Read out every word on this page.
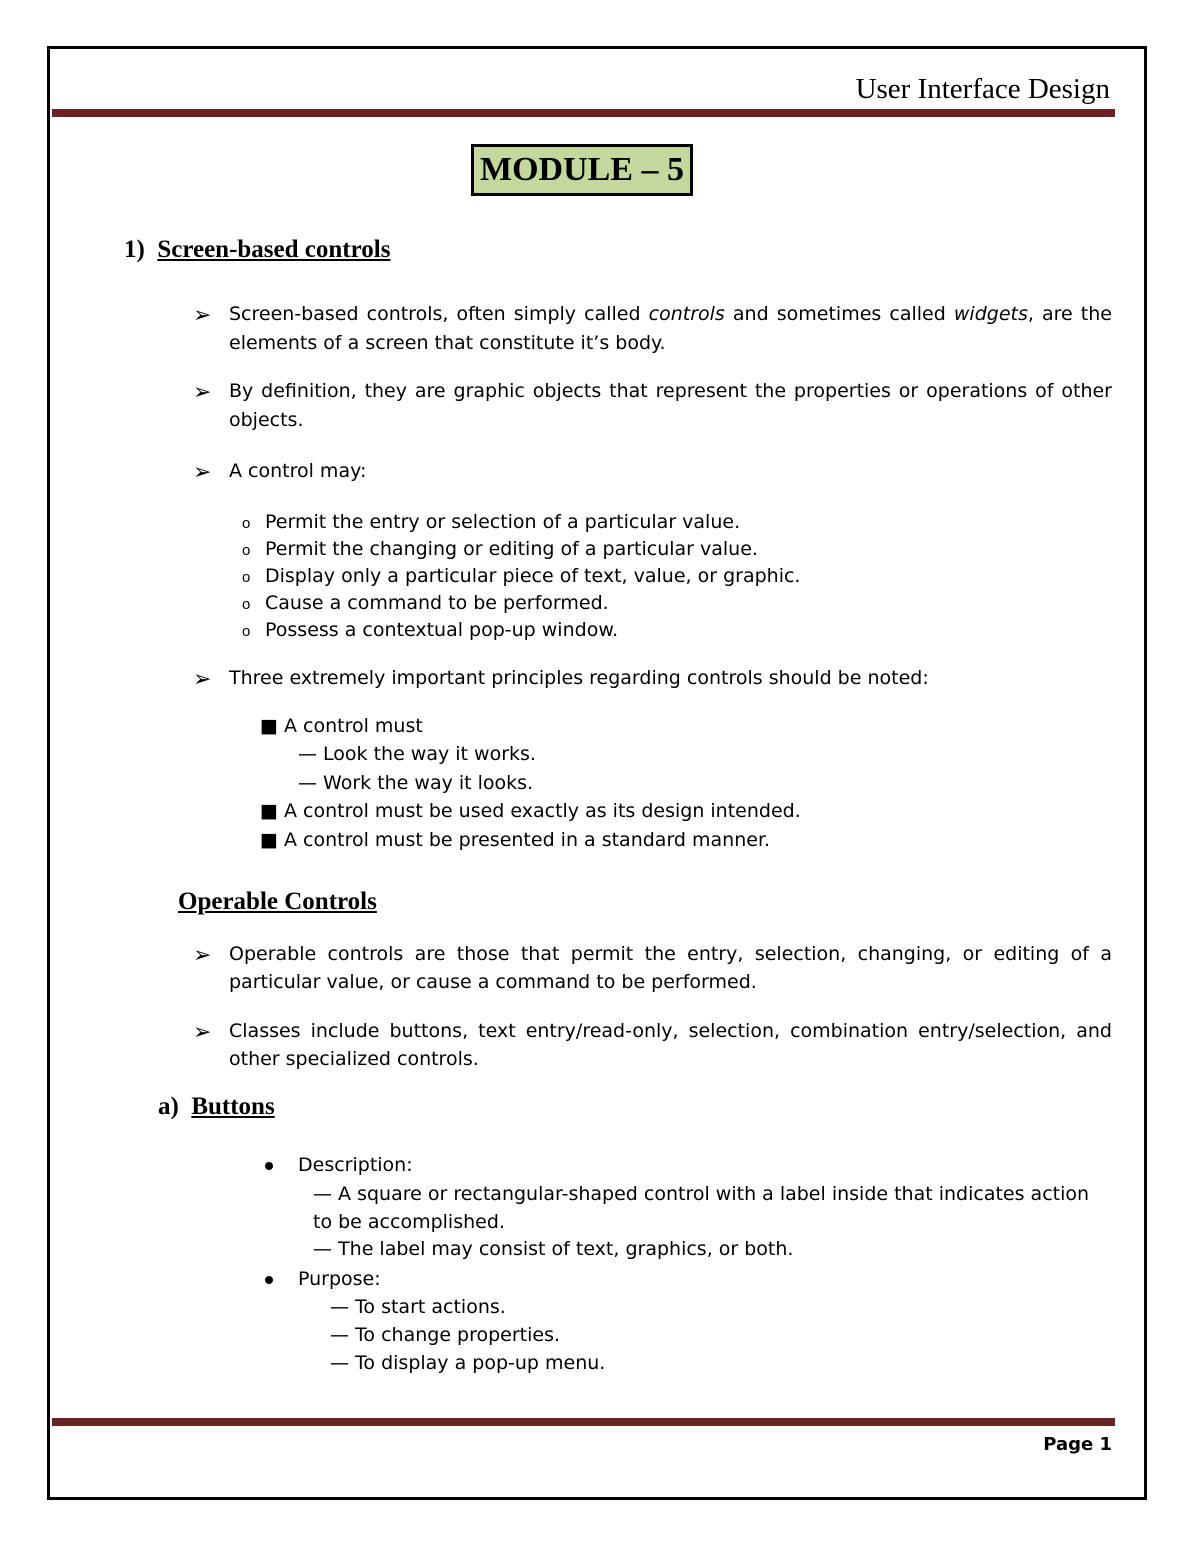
User Interface Design
MODULE – 5
1) Screen-based controls
➢ Screen-based controls, often simply called controls and sometimes called widgets, are the elements of a screen that constitute it’s body.
➢ By definition, they are graphic objects that represent the properties or operations of other objects.
➢ A control may:
o Permit the entry or selection of a particular value.
o Permit the changing or editing of a particular value.
o Display only a particular piece of text, value, or graphic.
o Cause a command to be performed.
o Possess a contextual pop-up window.
➢ Three extremely important principles regarding controls should be noted:
■ A control must
— Look the way it works.
— Work the way it looks.
■ A control must be used exactly as its design intended.
■ A control must be presented in a standard manner.
Operable Controls
➢ Operable controls are those that permit the entry, selection, changing, or editing of a particular value, or cause a command to be performed.
➢ Classes include buttons, text entry/read-only, selection, combination entry/selection, and other specialized controls.
a) Buttons
Description:
— A square or rectangular-shaped control with a label inside that indicates action to be accomplished.
— The label may consist of text, graphics, or both.
Purpose:
— To start actions.
— To change properties.
— To display a pop-up menu.
Page 1
